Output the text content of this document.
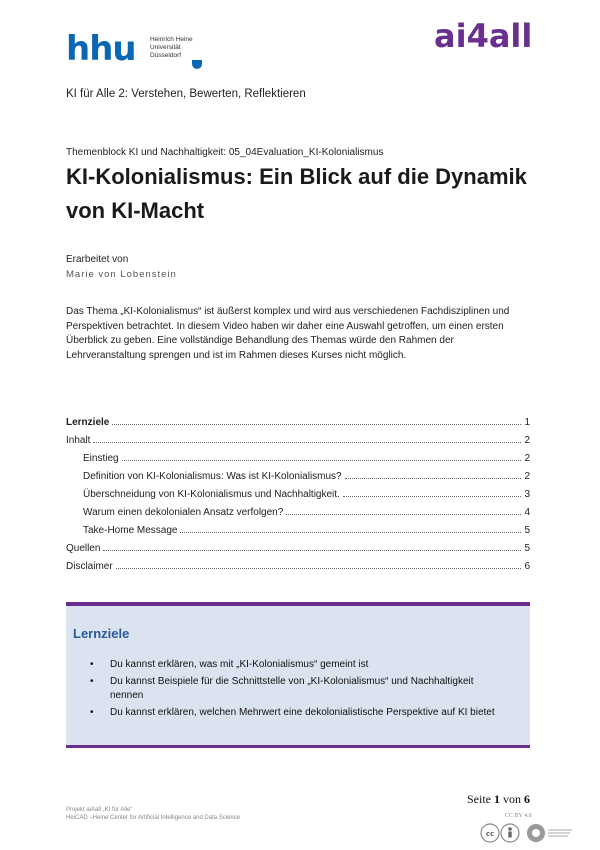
hhu Heinrich Heine
Universität
Düsseldorf
ai4all
KI für Alle 2: Verstehen, Bewerten, Reflektieren
Themenblock KI und Nachhaltigkeit: 05_04Evaluation_KI-Kolonialismus
KI-Kolonialismus: Ein Blick auf die Dynamik von KI-Macht
Erarbeitet von
Marie von Lobenstein
Das Thema „KI-Kolonialismus“ ist äußerst komplex und wird aus verschiedenen Fachdisziplinen und Perspektiven betrachtet. In diesem Video haben wir daher eine Auswahl getroffen, um einen ersten Überblick zu geben. Eine vollständige Behandlung des Themas würde den Rahmen der Lehrveranstaltung sprengen und ist im Rahmen dieses Kurses nicht möglich.
Lernziele	1
Inhalt	2
Einstieg	2
Definition von KI-Kolonialismus: Was ist KI-Kolonialismus?	2
Überschneidung von KI-Kolonialismus und Nachhaltigkeit.	3
Warum einen dekolonialen Ansatz verfolgen?	4
Take-Home Message	5
Quellen	5
Disclaimer	6
Lernziele
• Du kannst erklären, was mit „KI-Kolonialismus“ gemeint ist
• Du kannst Beispiele für die Schnittstelle von „KI-Kolonialismus“ und Nachhaltigkeit nennen
• Du kannst erklären, welchen Mehrwert eine dekolonialistische Perspektive auf KI bietet
Seite 1 von 6
Projekt aiAall „KI für Alle“
HeiCAD –Heine Center for Artificial Intelligence and Data Science	CC BY 4.0
cc
